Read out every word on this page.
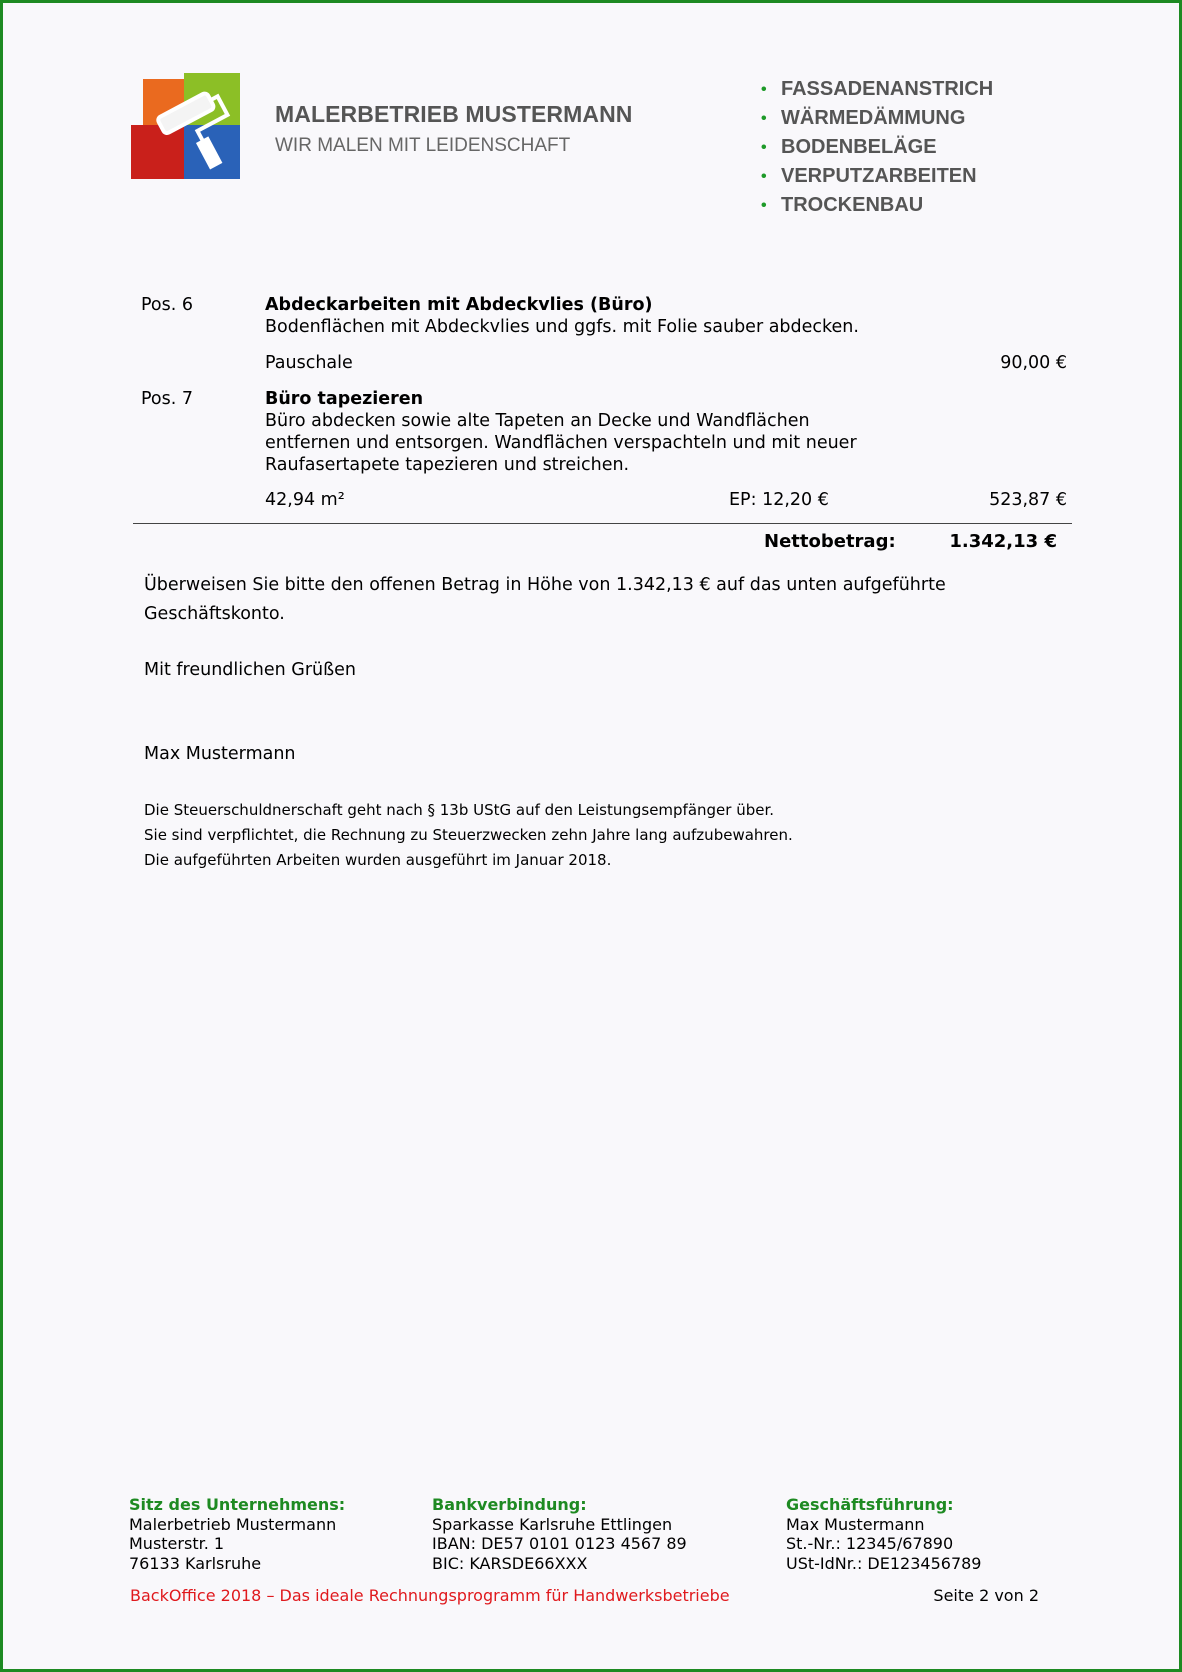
MALERBETRIEB MUSTERMANN
WIR MALEN MIT LEIDENSCHAFT
• FASSADENANSTRICH
• WÄRMEDÄMMUNG
• BODENBELÄGE
• VERPUTZARBEITEN
• TROCKENBAU
Pos. 6	Abdeckarbeiten mit Abdeckvlies (Büro)
Bodenflächen mit Abdeckvlies und ggfs. mit Folie sauber abdecken.
Pauschale	90,00 €
Pos. 7	Büro tapezieren
Büro abdecken sowie alte Tapeten an Decke und Wandflächen
entfernen und entsorgen. Wandflächen verspachteln und mit neuer
Raufasertapete tapezieren und streichen.
42,94 m²	EP: 12,20 €	523,87 €
Nettobetrag:	1.342,13 €
Überweisen Sie bitte den offenen Betrag in Höhe von 1.342,13 € auf das unten aufgeführte
Geschäftskonto.
Mit freundlichen Grüßen
Max Mustermann
Die Steuerschuldnerschaft geht nach § 13b UStG auf den Leistungsempfänger über.
Sie sind verpflichtet, die Rechnung zu Steuerzwecken zehn Jahre lang aufzubewahren.
Die aufgeführten Arbeiten wurden ausgeführt im Januar 2018.
Sitz des Unternehmens:
Malerbetrieb Mustermann
Musterstr. 1
76133 Karlsruhe
Bankverbindung:
Sparkasse Karlsruhe Ettlingen
IBAN: DE57 0101 0123 4567 89
BIC: KARSDE66XXX
Geschäftsführung:
Max Mustermann
St.-Nr.: 12345/67890
USt-IdNr.: DE123456789
BackOffice 2018 – Das ideale Rechnungsprogramm für Handwerksbetriebe	Seite 2 von 2
